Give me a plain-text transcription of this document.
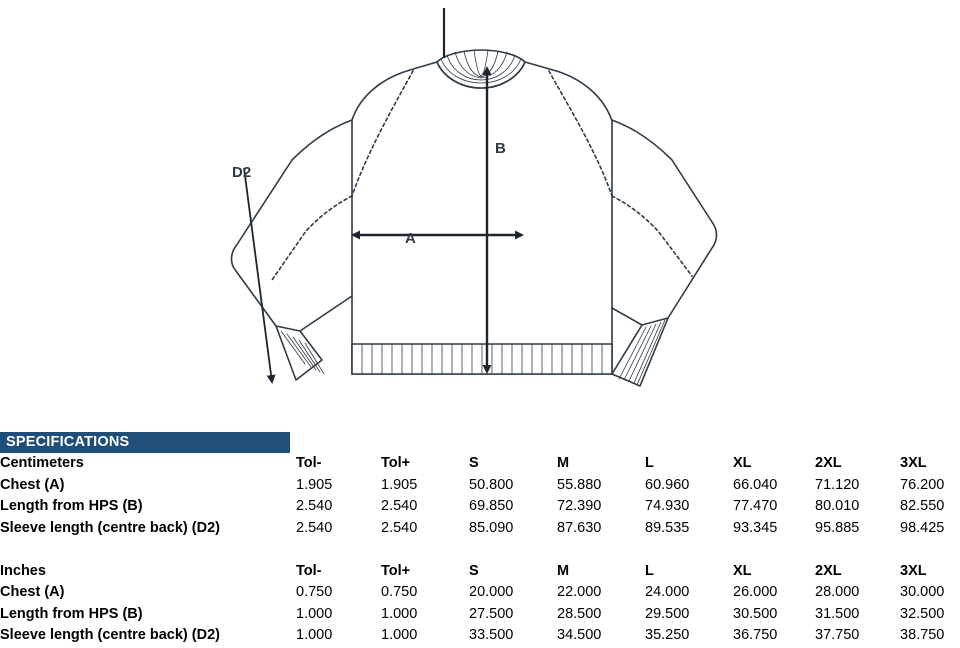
A
B
D2
SPECIFICATIONS
Centimeters	Tol-	Tol+	S	M	L	XL	2XL	3XL
Chest (A)	1.905	1.905	50.800	55.880	60.960	66.040	71.120	76.200
Length from HPS (B)	2.540	2.540	69.850	72.390	74.930	77.470	80.010	82.550
Sleeve length (centre back) (D2)	2.540	2.540	85.090	87.630	89.535	93.345	95.885	98.425

Inches	Tol-	Tol+	S	M	L	XL	2XL	3XL
Chest (A)	0.750	0.750	20.000	22.000	24.000	26.000	28.000	30.000
Length from HPS (B)	1.000	1.000	27.500	28.500	29.500	30.500	31.500	32.500
Sleeve length (centre back) (D2)	1.000	1.000	33.500	34.500	35.250	36.750	37.750	38.750
